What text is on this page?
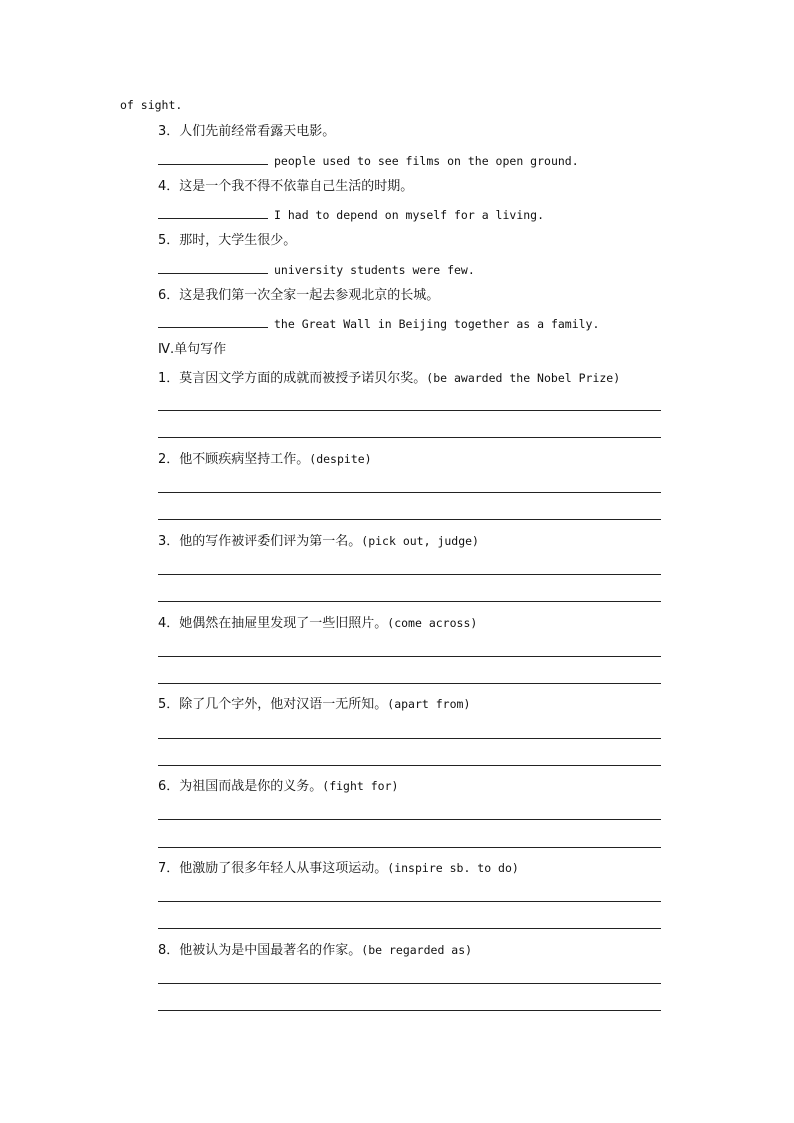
of sight.
3．人们先前经常看露天电影。
people used to see films on the open ground.
4．这是一个我不得不依靠自己生活的时期。
I had to depend on myself for a living.
5．那时，大学生很少。
university students were few.
6．这是我们第一次全家一起去参观北京的长城。
the Great Wall in Beijing together as a family.
Ⅳ.单句写作
1．莫言因文学方面的成就而被授予诺贝尔奖。(be awarded the Nobel Prize)
2．他不顾疾病坚持工作。(despite)
3．他的写作被评委们评为第一名。(pick out, judge)
4．她偶然在抽屉里发现了一些旧照片。(come across)
5．除了几个字外，他对汉语一无所知。(apart from)
6．为祖国而战是你的义务。(fight for)
7．他激励了很多年轻人从事这项运动。(inspire sb. to do)
8．他被认为是中国最著名的作家。(be regarded as)
